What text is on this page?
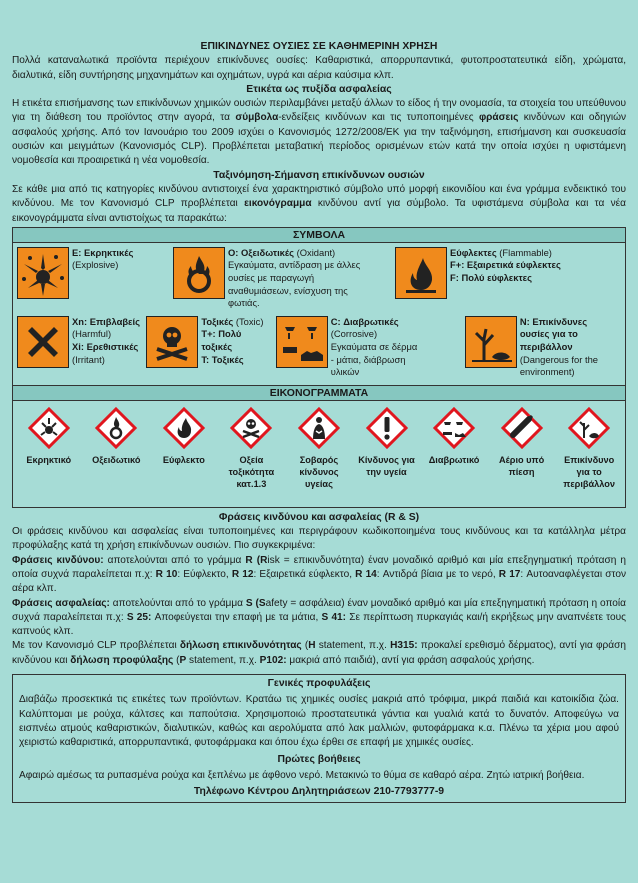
ΕΠΙΚΙΝΔΥΝΕΣ ΟΥΣΙΕΣ ΣΕ ΚΑΘΗΜΕΡΙΝΗ ΧΡΗΣΗ

Πολλά καταναλωτικά προϊόντα περιέχουν επικίνδυνες ουσίες: Καθαριστικά, απορρυπαντικά, φυτοπροστατευτικά είδη, χρώματα, διαλυτικά, είδη συντήρησης μηχανημάτων και οχημάτων, υγρά και αέρια καύσιμα κλπ.

Ετικέτα ως πυξίδα ασφαλείας

Η ετικέτα επισήμανσης των επικίνδυνων χημικών ουσιών περιλαμβάνει μεταξύ άλλων το είδος ή την ονομασία, τα στοιχεία του υπεύθυνου για τη διάθεση του προϊόντος στην αγορά, τα σύμβολα-ενδείξεις κινδύνων και τις τυποποιημένες φράσεις κινδύνων και οδηγιών ασφαλούς χρήσης. Από τον Ιανουάριο του 2009 ισχύει ο Κανονισμός 1272/2008/ΕΚ για την ταξινόμηση, επισήμανση και συσκευασία ουσιών και μειγμάτων (Κανονισμός CLP). Προβλέπεται μεταβατική περίοδος ορισμένων ετών κατά την οποία ισχύει η υφιστάμενη νομοθεσία και προαιρετικά η νέα νομοθεσία.

Ταξινόμηση-Σήμανση επικίνδυνων ουσιών

Σε κάθε μια από τις κατηγορίες κινδύνου αντιστοιχεί ένα χαρακτηριστικό σύμβολο υπό μορφή εικονιδίου και ένα γράμμα ενδεικτικό του κινδύνου. Με τον Κανονισμό CLP προβλέπεται εικονόγραμμα κινδύνου αντί για σύμβολο. Τα υφιστάμενα σύμβολα και τα νέα εικονογράμματα είναι αντιστοίχως τα παρακάτω:

ΣΥΜΒΟΛΑ
E: Εκρηκτικές
(Explosive)
O: Οξειδωτικές (Oxidant) Εγκαύματα, αντίδραση με άλλες ουσίες με παραγωγή αναθυμιάσεων, ενίσχυση της φωτιάς.
Εύφλεκτες (Flammable)
F+: Εξαιρετικά εύφλεκτες
F: Πολύ εύφλεκτες
Xn: Επιβλαβείς
(Harmful)
Xi: Ερεθιστικές
(Irritant)
Τοξικές (Toxic)
T+: Πολύ τοξικές
T: Τοξικές
C: Διαβρωτικές
(Corrosive) Εγκαύματα σε δέρμα - μάτια, διάβρωση υλικών
N: Επικίνδυνες ουσίες για το περιβάλλον (Dangerous for the environment)
ΕΙΚΟΝΟΓΡΑΜΜΑΤΑ
Εκρηκτικό	Οξειδωτικό	Εύφλεκτο	Οξεία τοξικότητα κατ.1.3
Σοβαρός κίνδυνος υγείας
Κίνδυνος για την υγεία
Διαβρωτικό	Αέριο υπό πίεση
Επικίνδυνο για το περιβάλλον
Φράσεις κινδύνου και ασφαλείας (R & S)

Οι φράσεις κινδύνου και ασφαλείας είναι τυποποιημένες και περιγράφουν κωδικοποιημένα τους κινδύνους και τα κατάλληλα μέτρα προφύλαξης κατά τη χρήση επικίνδυνων ουσιών. Πιο συγκεκριμένα:

Φράσεις κινδύνου: αποτελούνται από το γράμμα R (Risk = επικινδυνότητα) έναν μοναδικό αριθμό και μία επεξηγηματική πρόταση η οποία συχνά παραλείπεται π.χ: R 10: Εύφλεκτο, R 12: Εξαιρετικά εύφλεκτο, R 14: Αντιδρά βίαια με το νερό, R 17: Αυτοαναφλέγεται στον αέρα κλπ.

Φράσεις ασφαλείας: αποτελούνται από το γράμμα S (Safety = ασφάλεια) έναν μοναδικό αριθμό και μία επεξηγηματική πρόταση η οποία συχνά παραλείπεται π.χ: S 25: Αποφεύγεται την επαφή με τα μάτια, S 41: Σε περίπτωση πυρκαγιάς και/ή εκρήξεως μην αναπνέετε τους καπνούς κλπ.

Με τον Κανονισμό CLP προβλέπεται δήλωση επικινδυνότητας (H statement, π.χ. H315: προκαλεί ερεθισμό δέρματος), αντί για φράση κινδύνου και δήλωση προφύλαξης (P statement, π.χ. P102: μακριά από παιδιά), αντί για φράση ασφαλούς χρήσης.

Γενικές προφυλάξεις

Διαβάζω προσεκτικά τις ετικέτες των προϊόντων. Κρατάω τις χημικές ουσίες μακριά από τρόφιμα, μικρά παιδιά και κατοικίδια ζώα. Καλύπτομαι με ρούχα, κάλτσες και παπούτσια. Χρησιμοποιώ προστατευτικά γάντια και γυαλιά κατά το δυνατόν. Αποφεύγω να εισπνέω ατμούς καθαριστικών, διαλυτικών, καθώς και αερολύματα από λακ μαλλιών, φυτοφάρμακα κ.α. Πλένω τα χέρια μου αφού χειριστώ καθαριστικά, απορρυπαντικά, φυτοφάρμακα και όπου έχω έρθει σε επαφή με χημικές ουσίες.

Πρώτες βοήθειες

Αφαιρώ αμέσως τα ρυπασμένα ρούχα και ξεπλένω με άφθονο νερό. Μετακινώ το θύμα σε καθαρό αέρα. Ζητώ ιατρική βοήθεια.

Τηλέφωνο Κέντρου Δηλητηριάσεων 210-7793777-9
